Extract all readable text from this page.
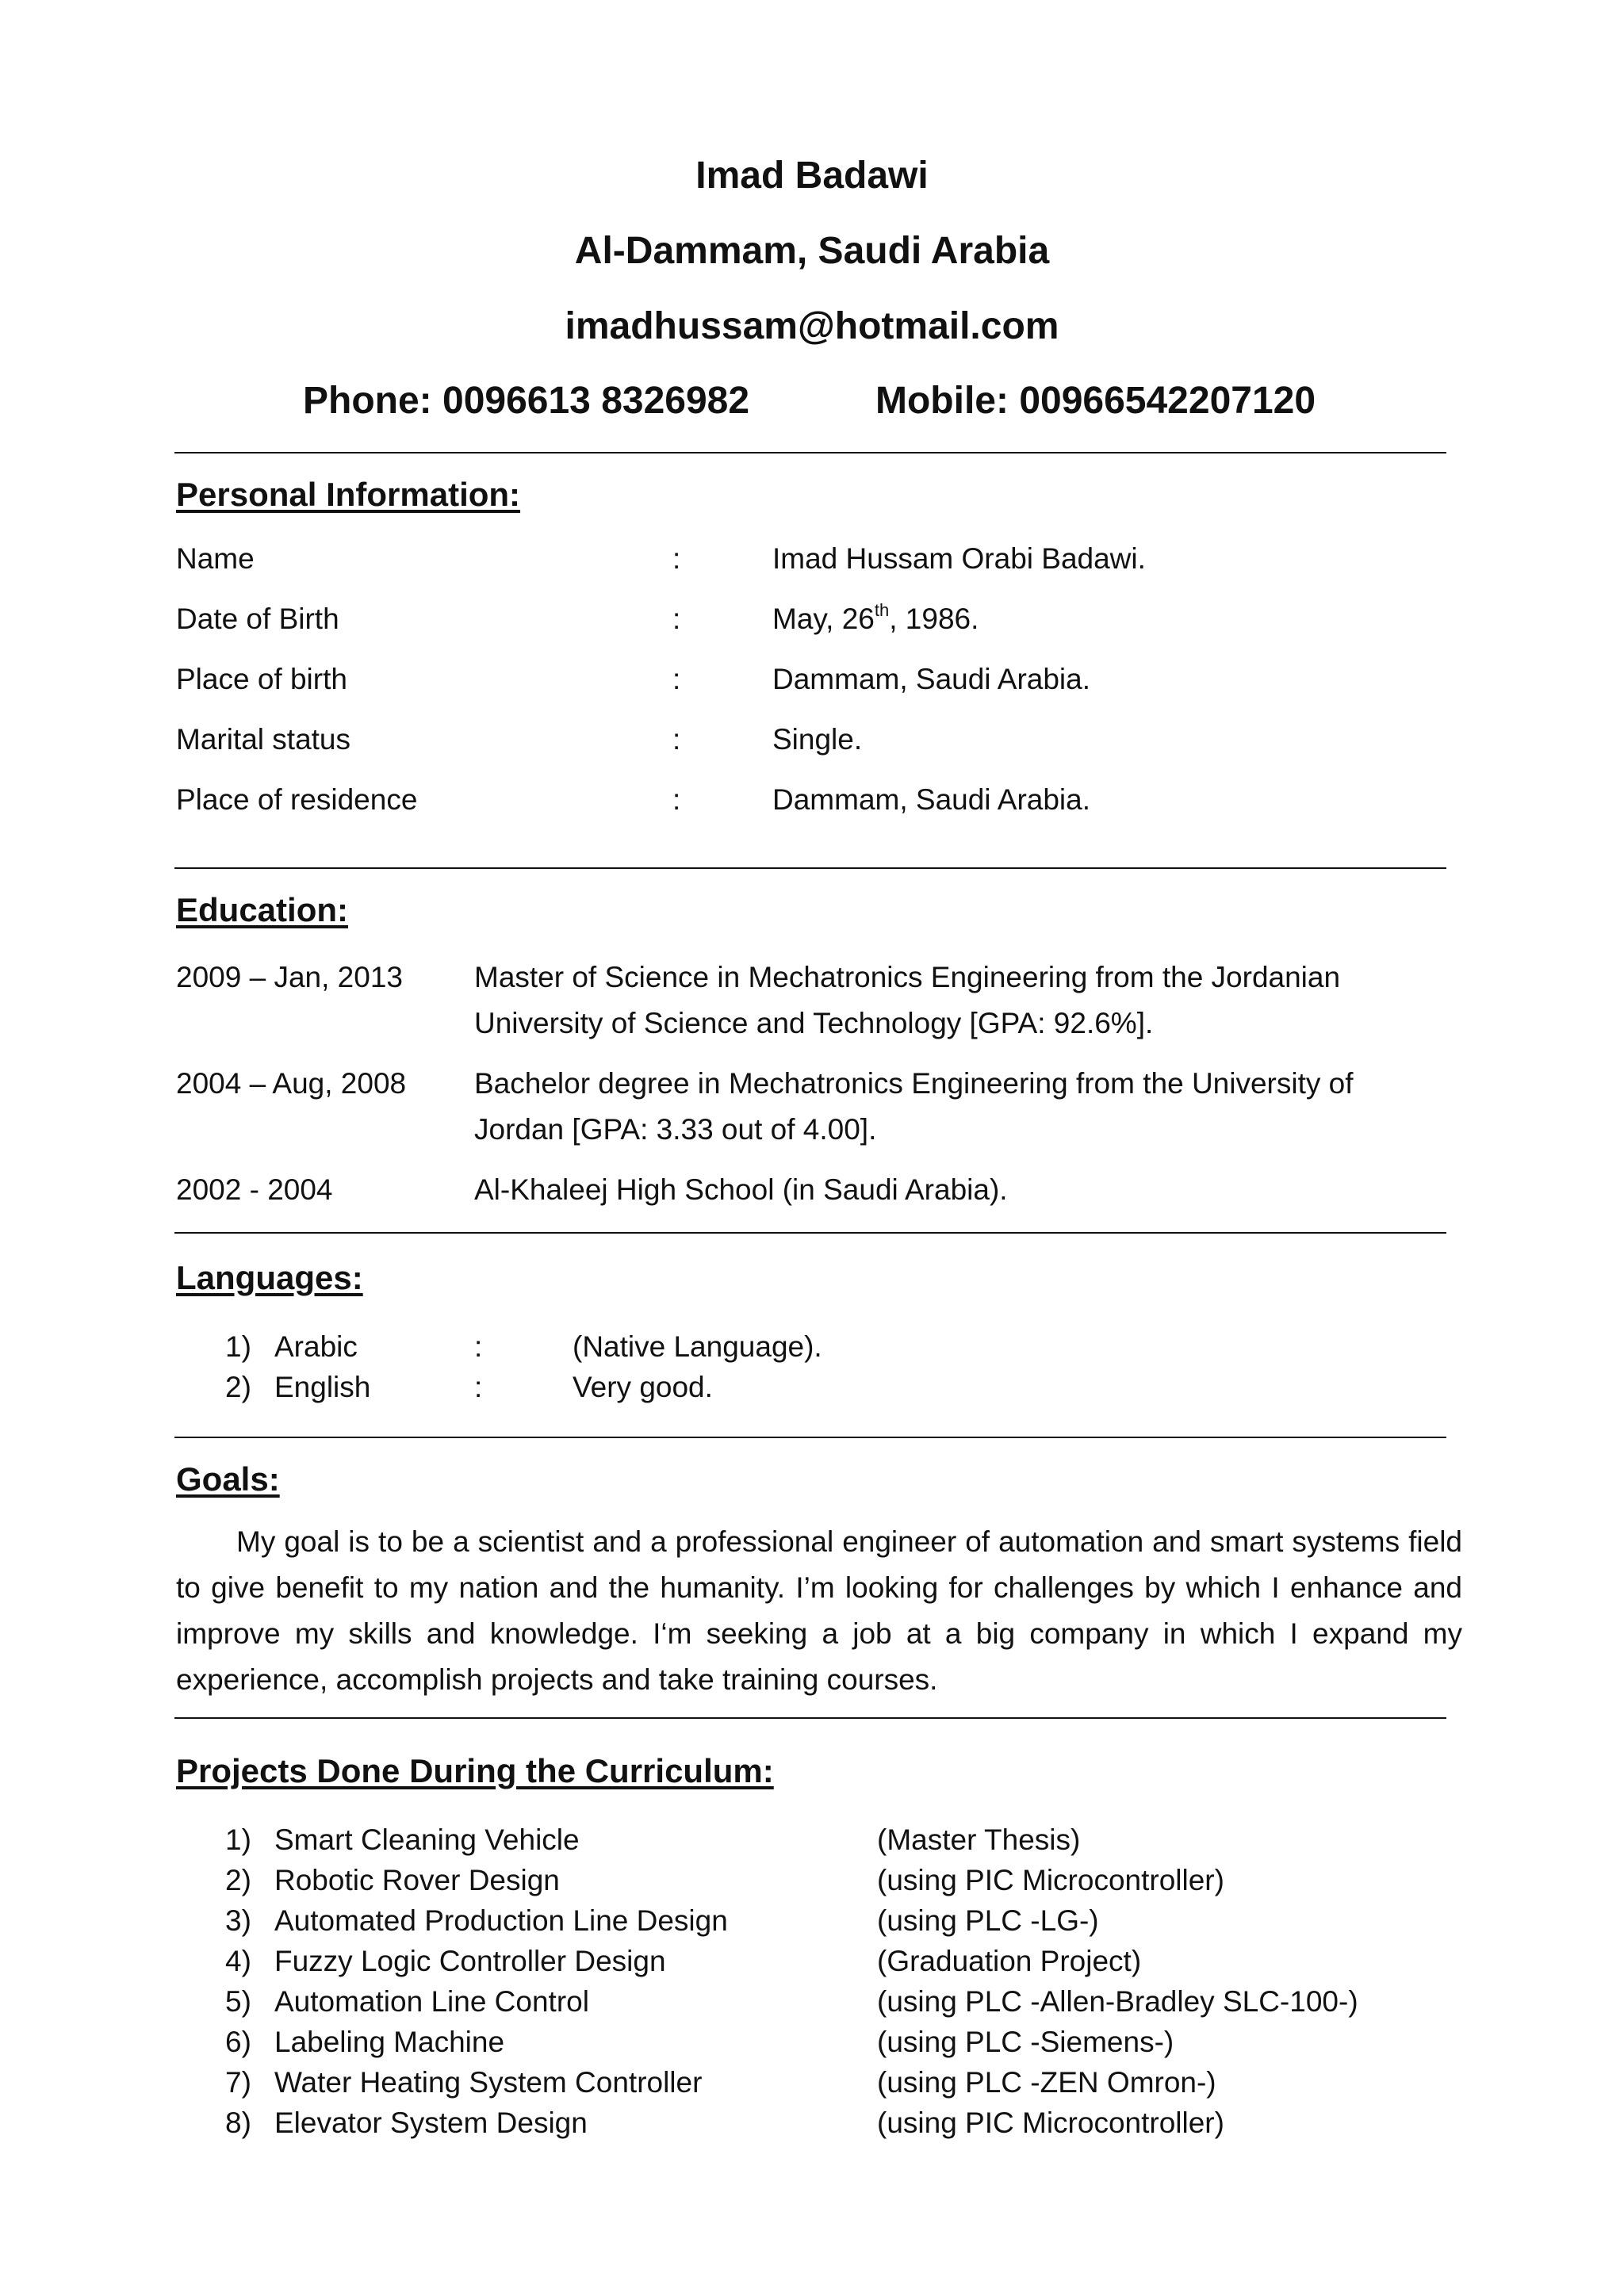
Imad Badawi
Al-Dammam, Saudi Arabia
imadhussam@hotmail.com
Phone: 0096613 8326982	Mobile: 00966542207120
Personal Information:
Name	:	Imad Hussam Orabi Badawi.
Date of Birth	:	May, 26th, 1986.
Place of birth	:	Dammam, Saudi Arabia.
Marital status	:	Single.
Place of residence	:	Dammam, Saudi Arabia.
Education:
2009 – Jan, 2013 Master of Science in Mechatronics Engineering from the Jordanian
University of Science and Technology [GPA: 92.6%].
2004 – Aug, 2008 Bachelor degree in Mechatronics Engineering from the University of
Jordan [GPA: 3.33 out of 4.00].
2002 - 2004	Al-Khaleej High School (in Saudi Arabia).
Languages:
1) Arabic	:	(Native Language).
2) English	:	Very good.
Goals:
My goal is to be a scientist and a professional engineer of automation and smart systems field to give benefit to my nation and the humanity. I’m looking for challenges by which I enhance and improve my skills and knowledge. I‘m seeking a job at a big company in which I expand my experience, accomplish projects and take training courses.
Projects Done During the Curriculum:
1) Smart Cleaning Vehicle	(Master Thesis)
2) Robotic Rover Design	(using PIC Microcontroller)
3) Automated Production Line Design	(using PLC -LG-)
4) Fuzzy Logic Controller Design	(Graduation Project)
5) Automation Line Control	(using PLC -Allen-Bradley SLC-100-)
6) Labeling Machine	(using PLC -Siemens-)
7) Water Heating System Controller	(using PLC -ZEN Omron-)
8) Elevator System Design	(using PIC Microcontroller)
